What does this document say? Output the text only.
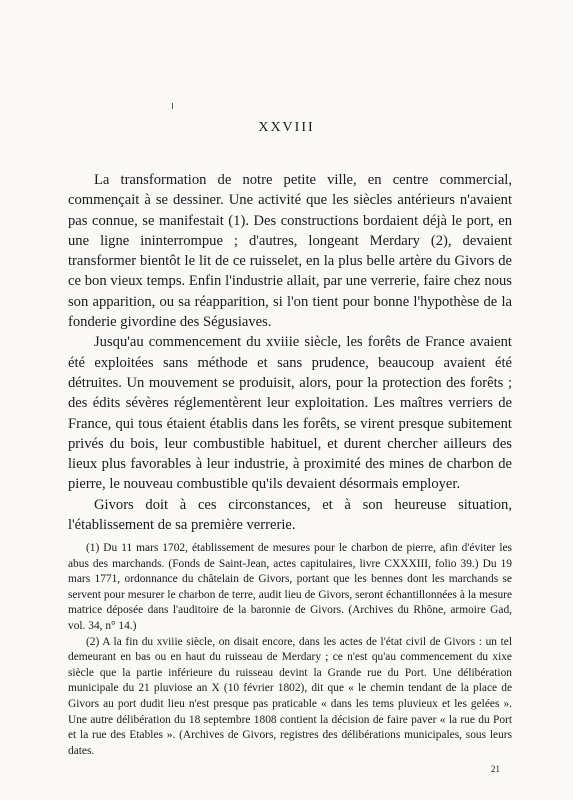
XXVIII

La transformation de notre petite ville, en centre commercial, commençait à se dessiner. Une activité que les siècles antérieurs n'avaient pas connue, se manifestait (1). Des constructions bordaient déjà le port, en une ligne ininterrompue ; d'autres, longeant Merdary (2), devaient transformer bientôt le lit de ce ruisselet, en la plus belle artère du Givors de ce bon vieux temps. Enfin l'industrie allait, par une verrerie, faire chez nous son apparition, ou sa réapparition, si l'on tient pour bonne l'hypothèse de la fonderie givordine des Ségusiaves.

Jusqu'au commencement du xviiie siècle, les forêts de France avaient été exploitées sans méthode et sans prudence, beaucoup avaient été détruites. Un mouvement se produisit, alors, pour la protection des forêts ; des édits sévères réglementèrent leur exploitation. Les maîtres verriers de France, qui tous étaient établis dans les forêts, se virent presque subitement privés du bois, leur combustible habituel, et durent chercher ailleurs des lieux plus favorables à leur industrie, à proximité des mines de charbon de pierre, le nouveau combustible qu'ils devaient désormais employer.

Givors doit à ces circonstances, et à son heureuse situation, l'établissement de sa première verrerie.

(1) Du 11 mars 1702, établissement de mesures pour le charbon de pierre, afin d'éviter les abus des marchands. (Fonds de Saint-Jean, actes capitulaires, livre CXXXIII, folio 39.) Du 19 mars 1771, ordonnance du châtelain de Givors, portant que les bennes dont les marchands se servent pour mesurer le charbon de terre, audit lieu de Givors, seront échantillonnées à la mesure matrice déposée dans l'auditoire de la baronnie de Givors. (Archives du Rhône, armoire Gad, vol. 34, n° 14.)

(2) A la fin du xviiie siècle, on disait encore, dans les actes de l'état civil de Givors : un tel demeurant en bas ou en haut du ruisseau de Merdary ; ce n'est qu'au commencement du xixe siècle que la partie inférieure du ruisseau devint la Grande rue du Port. Une délibération municipale du 21 pluviose an X (10 février 1802), dit que « le chemin tendant de la place de Givors au port dudit lieu n'est presque pas praticable « dans les tems pluvieux et les gelées ». Une autre délibération du 18 septembre 1808 contient la décision de faire paver « la rue du Port et la rue des Etables ». (Archives de Givors, registres des délibérations municipales, sous leurs dates.

21
